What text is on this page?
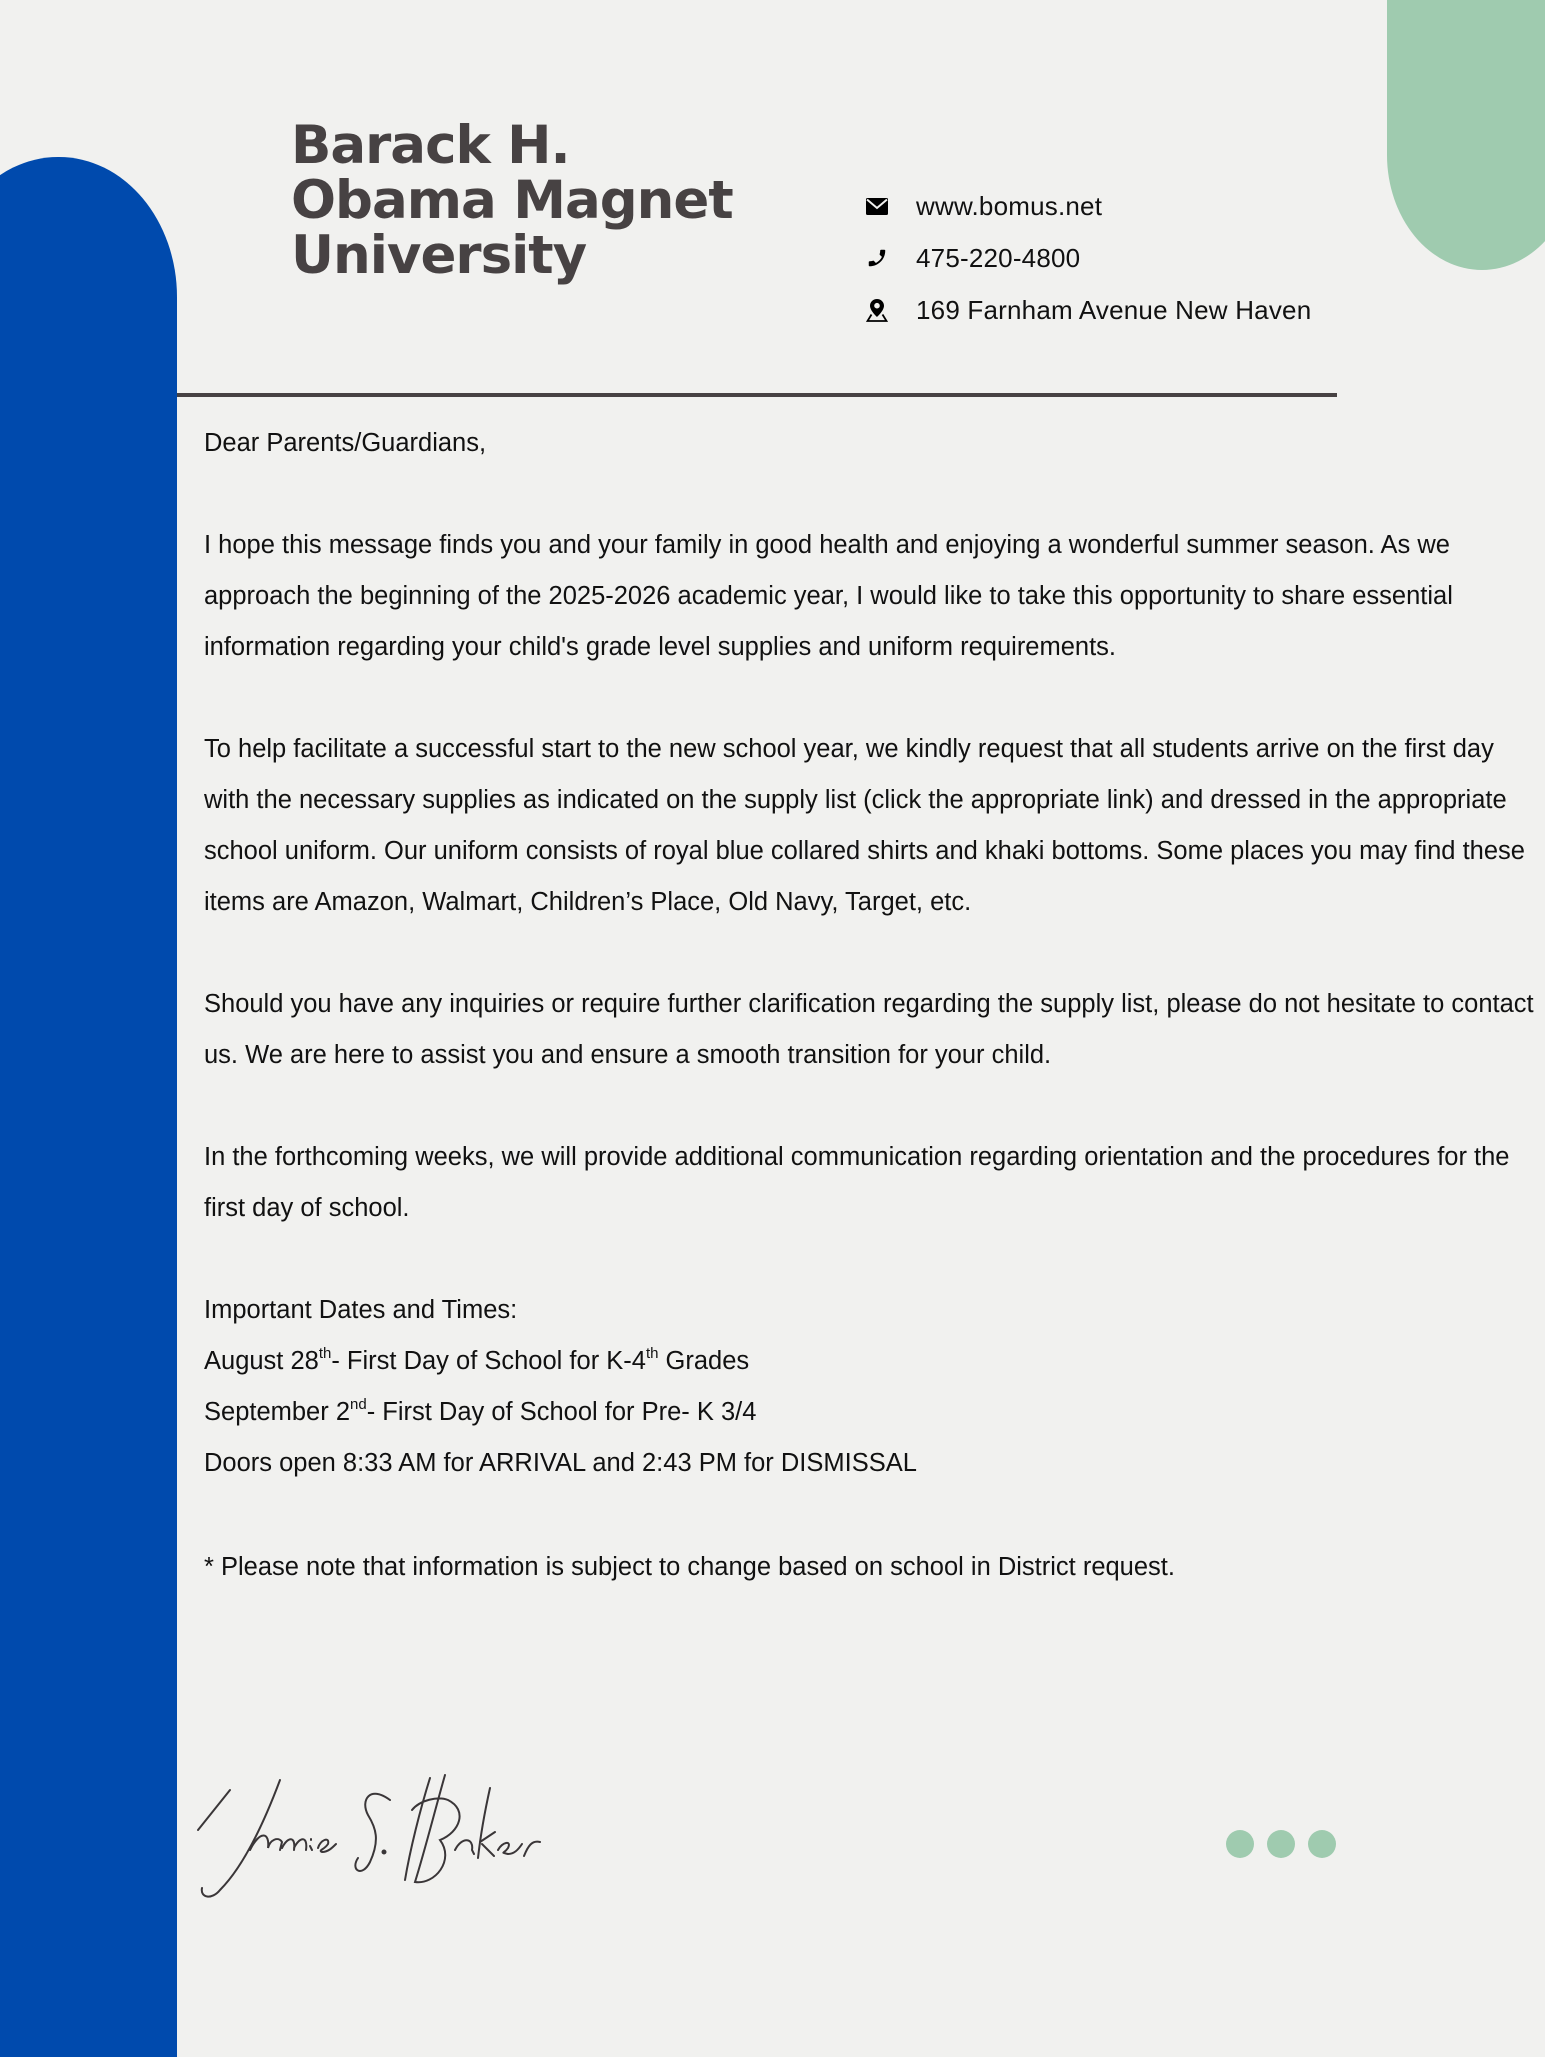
Barack H.
Obama Magnet
University
www.bomus.net
475-220-4800
169 Farnham Avenue New Haven

Dear Parents/Guardians,

I hope this message finds you and your family in good health and enjoying a wonderful summer season. As we approach the beginning of the 2025-2026 academic year, I would like to take this opportunity to share essential information regarding your child's grade level supplies and uniform requirements.

To help facilitate a successful start to the new school year, we kindly request that all students arrive on the first day with the necessary supplies as indicated on the supply list (click the appropriate link) and dressed in the appropriate school uniform. Our uniform consists of royal blue collared shirts and khaki bottoms. Some places you may find these items are Amazon, Walmart, Children’s Place, Old Navy, Target, etc.

Should you have any inquiries or require further clarification regarding the supply list, please do not hesitate to contact us. We are here to assist you and ensure a smooth transition for your child.

In the forthcoming weeks, we will provide additional communication regarding orientation and the procedures for the first day of school.

Important Dates and Times:

August 28th- First Day of School for K-4th Grades

September 2nd- First Day of School for Pre- K 3/4

Doors open 8:33 AM for ARRIVAL and 2:43 PM for DISMISSAL

* Please note that information is subject to change based on school in District request.
